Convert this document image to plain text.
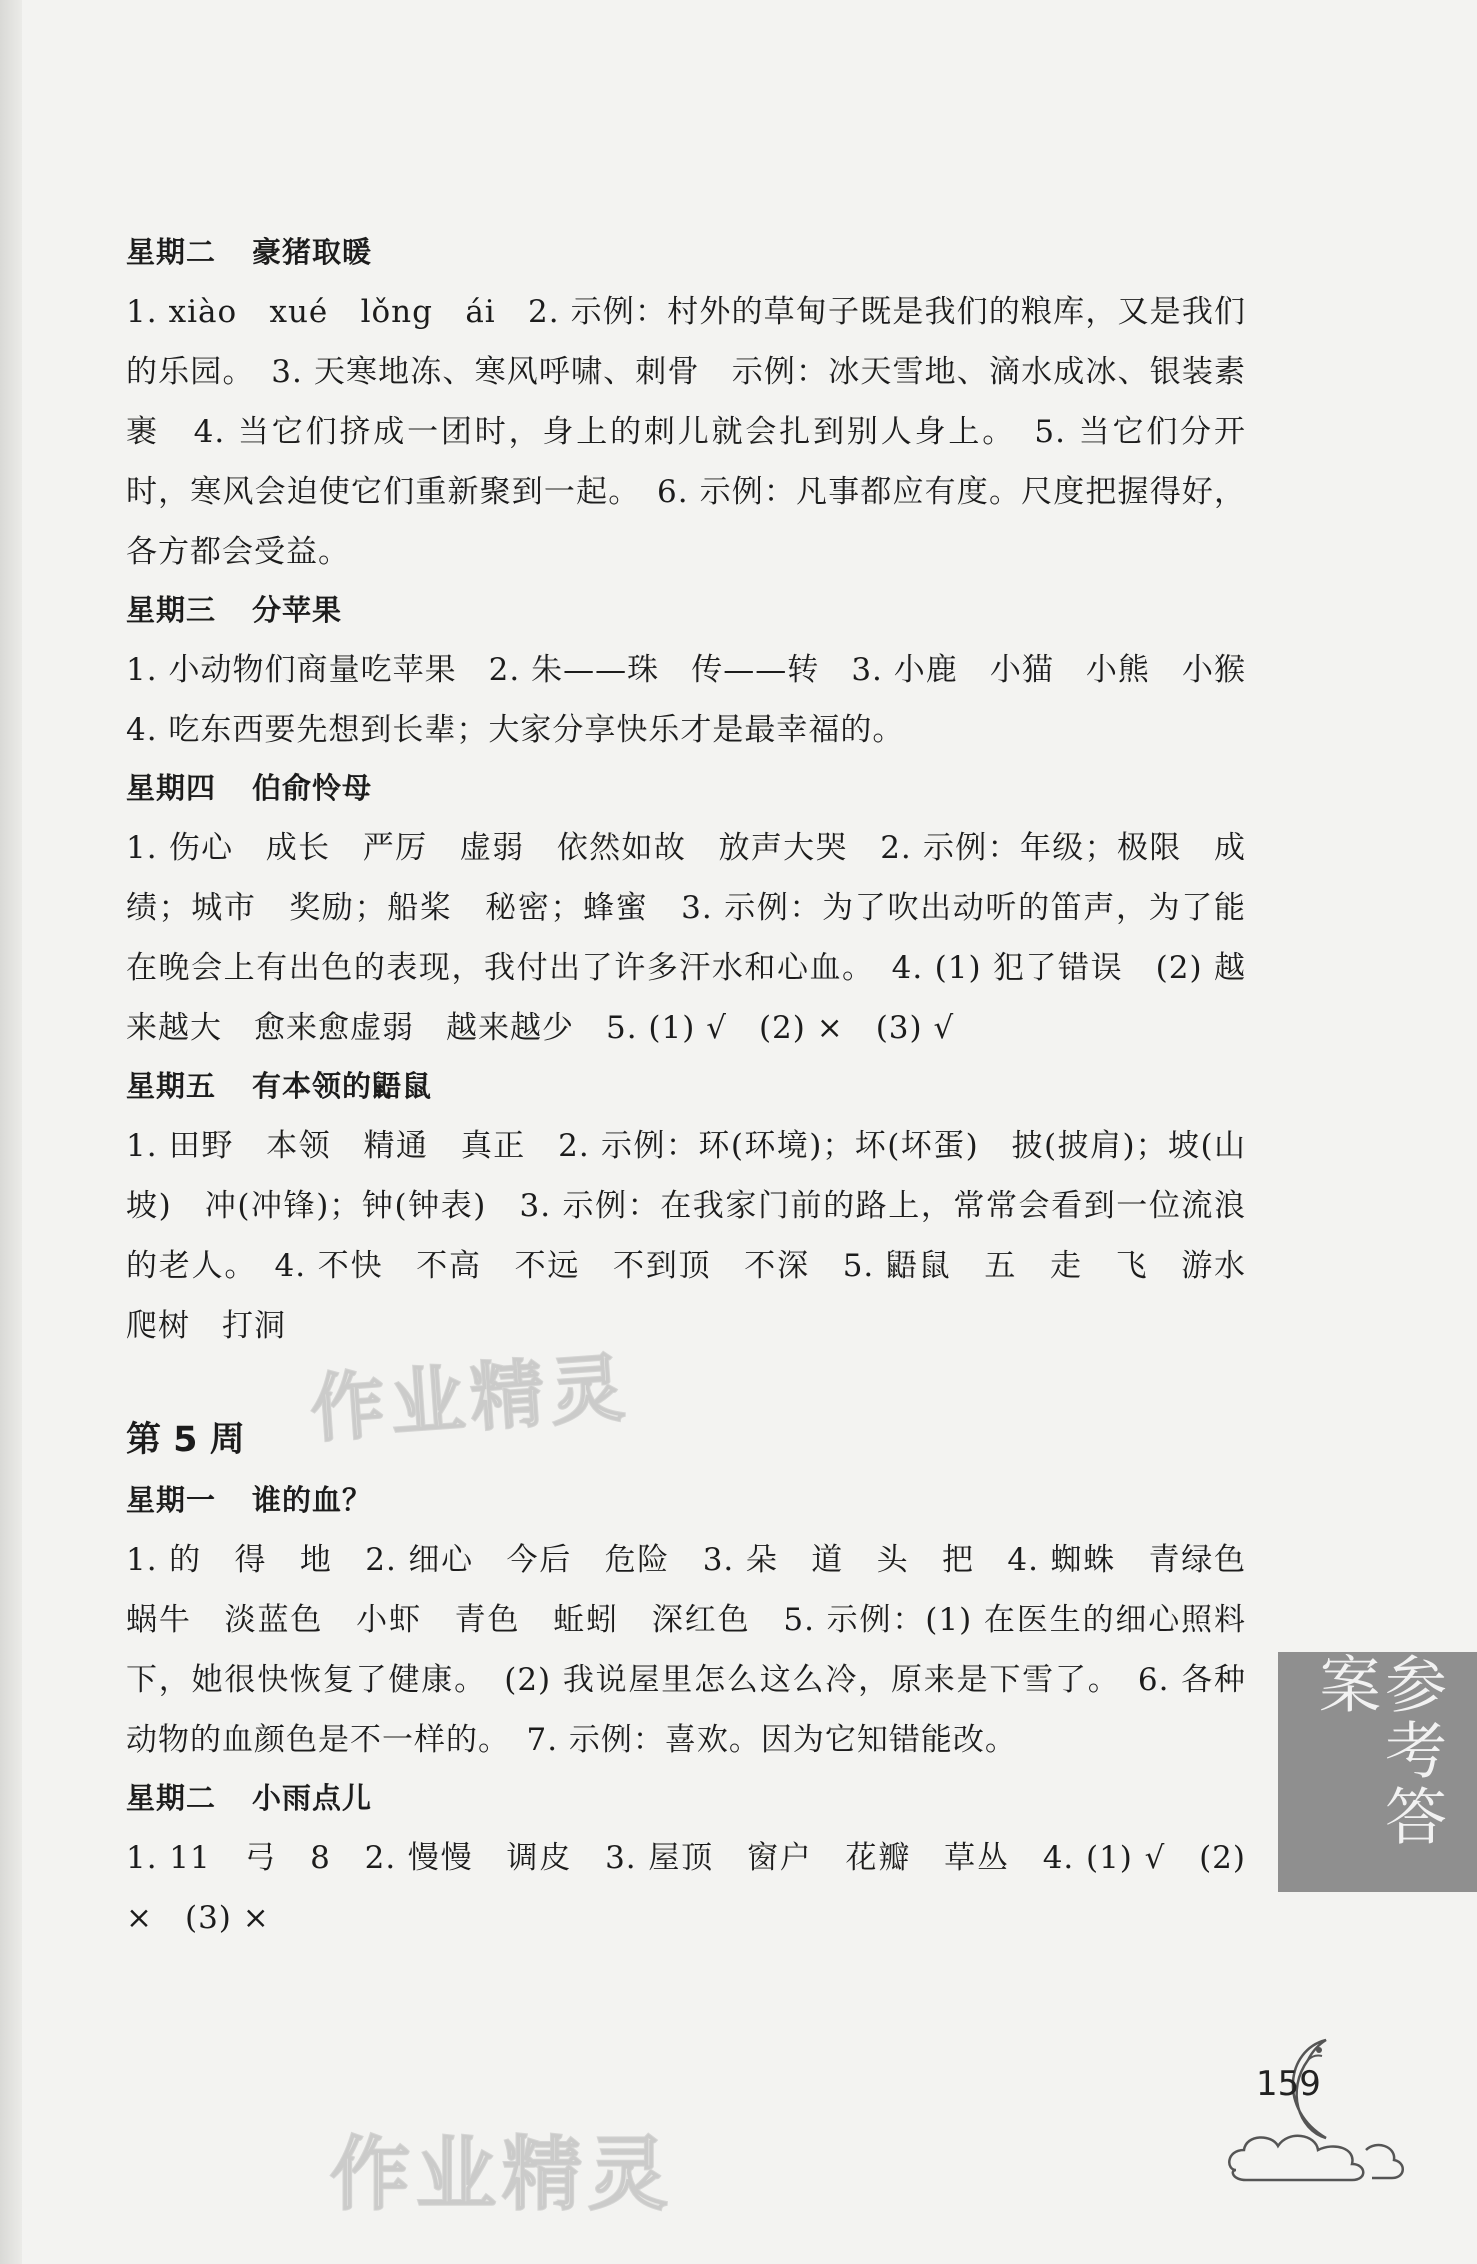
星期二 豪猪取暖

1. xiào　xué　lǒng　ái　2. 示例：村外的草甸子既是我们的粮库，又是我们的乐园。　3. 天寒地冻、寒风呼啸、刺骨　示例：冰天雪地、滴水成冰、银装素裹　4. 当它们挤成一团时，身上的刺儿就会扎到别人身上。　5. 当它们分开时，寒风会迫使它们重新聚到一起。　6. 示例：凡事都应有度。尺度把握得好，各方都会受益。

星期三 分苹果

1. 小动物们商量吃苹果　2. 朱——珠　传——转　3. 小鹿　小猫　小熊　小猴　4. 吃东西要先想到长辈；大家分享快乐才是最幸福的。

星期四 伯俞怜母

1. 伤心　成长　严厉　虚弱　依然如故　放声大哭　2. 示例：年级；极限　成绩；城市　奖励；船桨　秘密；蜂蜜　3. 示例：为了吹出动听的笛声，为了能在晚会上有出色的表现，我付出了许多汗水和心血。　4. (1) 犯了错误　(2) 越来越大　愈来愈虚弱　越来越少　5. (1) √　(2) ×　(3) √

星期五 有本领的鼯鼠

1. 田野　本领　精通　真正　2. 示例：环(环境)；坏(坏蛋)　披(披肩)；坡(山坡)　冲(冲锋)；钟(钟表)　3. 示例：在我家门前的路上，常常会看到一位流浪的老人。　4. 不快　不高　不远　不到顶　不深　5. 鼯鼠　五　走　飞　游水　爬树　打洞

第 5 周
星期一 谁的血？

1. 的　得　地　2. 细心　今后　危险　3. 朵　道　头　把　4. 蜘蛛　青绿色　蜗牛　淡蓝色　小虾　青色　蚯蚓　深红色　5. 示例：(1) 在医生的细心照料下，她很快恢复了健康。　(2) 我说屋里怎么这么冷，原来是下雪了。　6. 各种动物的血颜色是不一样的。　7. 示例：喜欢。因为它知错能改。

星期二 小雨点儿

1. 11　弓　8　2. 慢慢　调皮　3. 屋顶　窗户　花瓣　草丛　4. (1) √　(2) ×　(3) ×

作业精灵
作业精灵
参考答案
159
